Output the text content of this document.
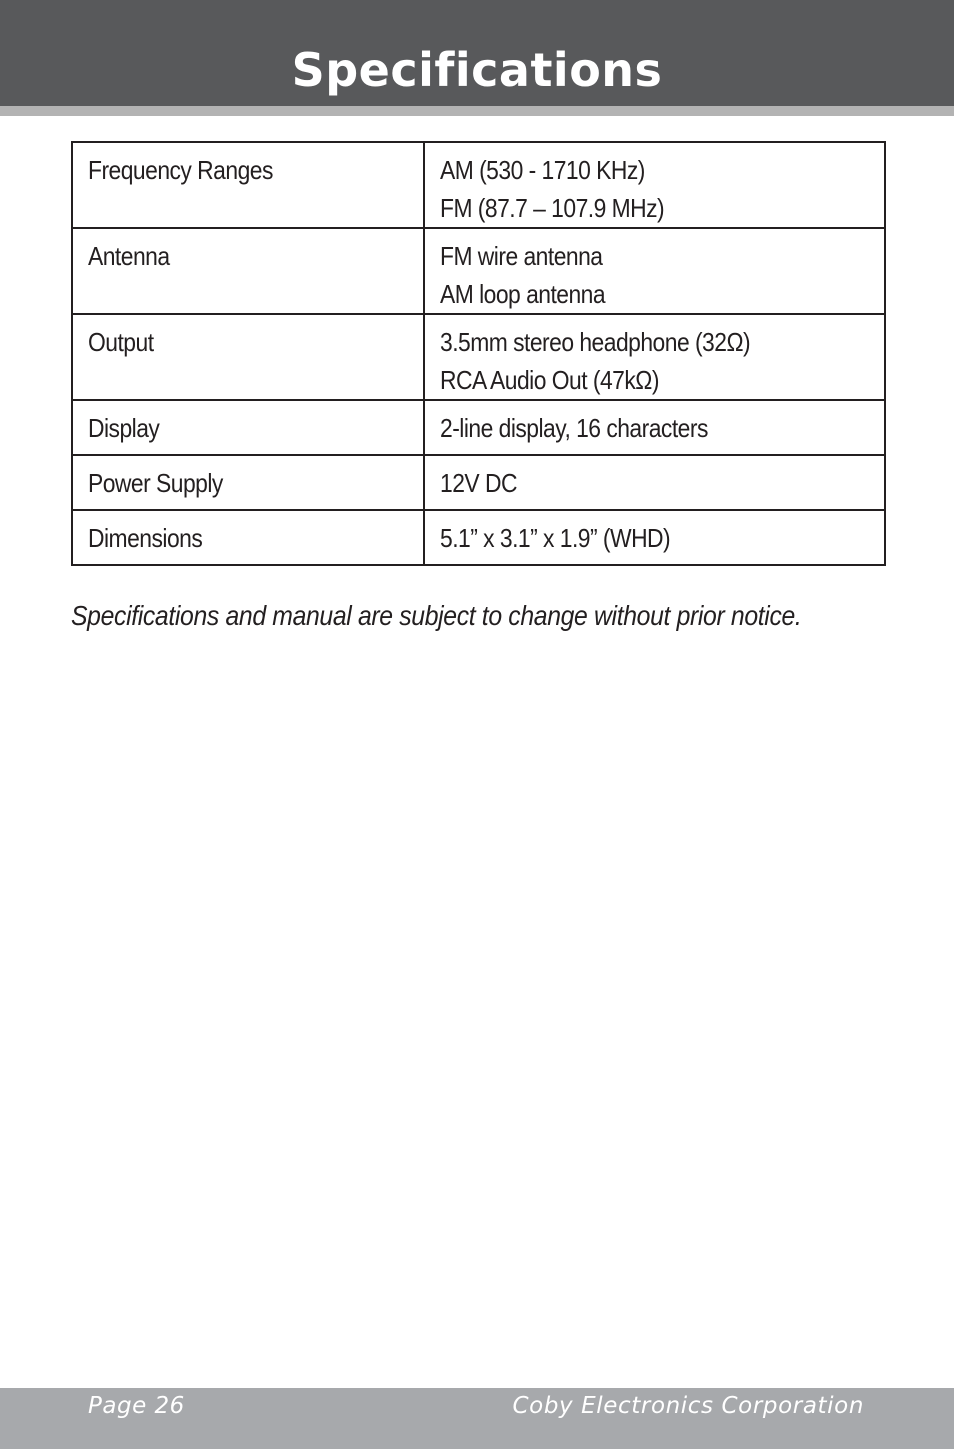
Specifications
Frequency Ranges	AM (530 - 1710 KHz)
FM (87.7 – 107.9 MHz)

Antenna	FM wire antenna
AM loop antenna

Output	3.5mm stereo headphone (32Ω)
RCA Audio Out (47kΩ)

Display	2-line display, 16 characters

Power Supply	12V DC

Dimensions	5.1” x 3.1” x 1.9” (WHD)
Specifications and manual are subject to change without prior notice.
Page 26	Coby Electronics Corporation
